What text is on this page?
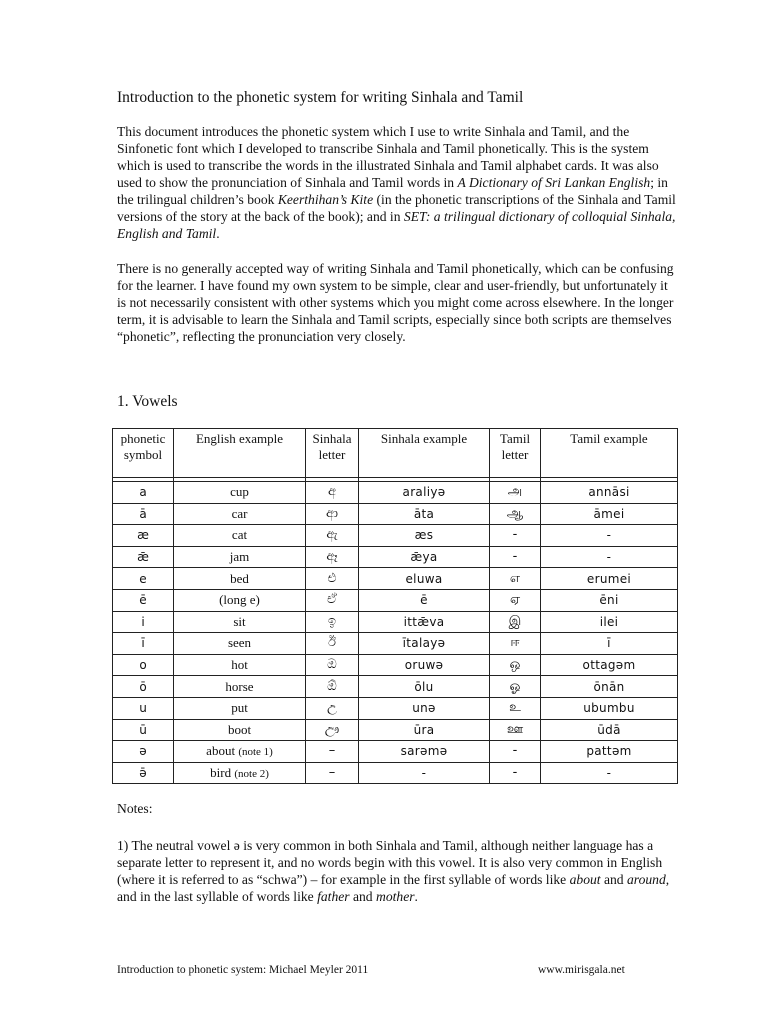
Introduction to the phonetic system for writing Sinhala and Tamil
This document introduces the phonetic system which I use to write Sinhala and Tamil, and the Sinfonetic font which I developed to transcribe Sinhala and Tamil phonetically. This is the system which is used to transcribe the words in the illustrated Sinhala and Tamil alphabet cards. It was also used to show the pronunciation of Sinhala and Tamil words in A Dictionary of Sri Lankan English; in the trilingual children’s book Keerthihan’s Kite (in the phonetic transcriptions of the Sinhala and Tamil versions of the story at the back of the book); and in SET: a trilingual dictionary of colloquial Sinhala, English and Tamil.
There is no generally accepted way of writing Sinhala and Tamil phonetically, which can be confusing for the learner. I have found my own system to be simple, clear and user-friendly, but unfortunately it is not necessarily consistent with other systems which you might come across elsewhere. In the longer term, it is advisable to learn the Sinhala and Tamil scripts, especially since both scripts are themselves “phonetic”, reflecting the pronunciation very closely.
1. Vowels
phonetic symbol	English example	Sinhala letter	Sinhala example	Tamil letter	Tamil example

a	cup	අ	araliyə	அ	annāsi
ā	car	ආ	āta	ஆ	āmei
æ	cat	ඇ	æs	-	-
ǣ	jam	ඈ	ǣya	-	-
e	bed	එ	eluwa	எ	erumei
ē	(long e)	ඒ	ē	ஏ	ēni
i	sit	ඉ	ittǣva	இ	ilei
ī	seen	ඊ	ītalayə	ஈ	ī
o	hot	ඔ	oruwə	ஒ	ottagəm
ō	horse	ඕ	ōlu	ஓ	ōnān
u	put	උ	unə	உ	ubumbu
ū	boot	ඌ	ūra	ஊ	ūdā
ə	about (note 1)	–	sarəmə	-	pattəm
ə̄	bird (note 2)	–	-	-	-
Notes:
1) The neutral vowel ə is very common in both Sinhala and Tamil, although neither language has a separate letter to represent it, and no words begin with this vowel. It is also very common in English (where it is referred to as “schwa”) – for example in the first syllable of words like about and around, and in the last syllable of words like father and mother.
Introduction to phonetic system: Michael Meyler 2011	www.mirisgala.net
